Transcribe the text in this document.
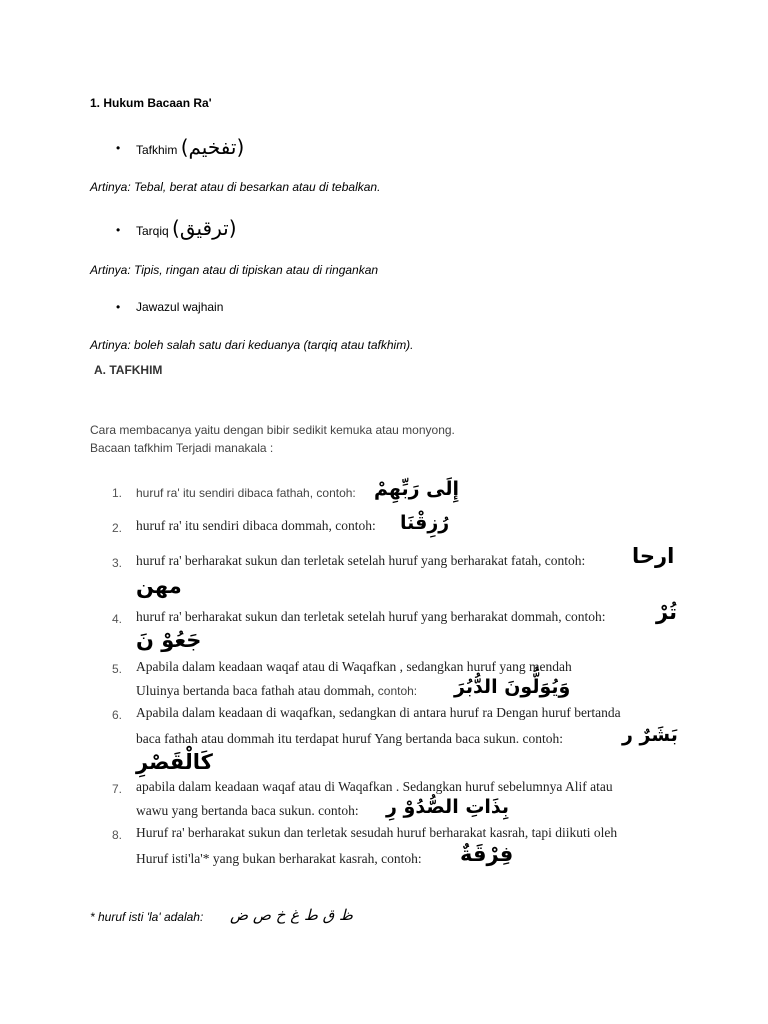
1. Hukum Bacaan Ra'
• Tafkhim (تفخيم)
Artinya: Tebal, berat atau di besarkan atau di tebalkan.
• Tarqiq (ترقيق)
Artinya: Tipis, ringan atau di tipiskan atau di ringankan
• Jawazul wajhain
Artinya: boleh salah satu dari keduanya (tarqiq atau tafkhim).
A. TAFKHIM
Cara membacanya yaitu dengan bibir sedikit kemuka atau monyong.
Bacaan tafkhim Terjadi manakala :
1. huruf ra' itu sendiri dibaca fathah, contoh: إِلَى رَبِّهِمْ
2. huruf ra' itu sendiri dibaca dommah, contoh: رُزِقْنَا
3. huruf ra' berharakat sukun dan terletak setelah huruf yang berharakat fatah, contoh: ارحا
مهن
4. huruf ra' berharakat sukun dan terletak setelah huruf yang berharakat dommah, contoh: تُرْ
جَعُوْ نَ
5. Apabila dalam keadaan waqaf atau di Waqafkan , sedangkan huruf yang mendah
Uluinya bertanda baca fathah atau dommah, contoh: وَيُوَلُّونَ الدُّبُرَ
6. Apabila dalam keadaan di waqafkan, sedangkan di antara huruf ra Dengan huruf bertanda
baca fathah atau dommah itu terdapat huruf Yang bertanda baca sukun. contoh:	بَشَرٌ ر
كَالْقَصْرِ
7. apabila dalam keadaan waqaf atau di Waqafkan . Sedangkan huruf sebelumnya Alif atau
wawu yang bertanda baca sukun. contoh: بِذَاتِ الصُّدُوْ رِ
8. Huruf ra' berharakat sukun dan terletak sesudah huruf berharakat kasrah, tapi diikuti oleh
Huruf isti'la'* yang bukan berharakat kasrah, contoh: فِرْقَةٌ
* huruf isti 'la' adalah: ظ ق ط غ خ ص ض
